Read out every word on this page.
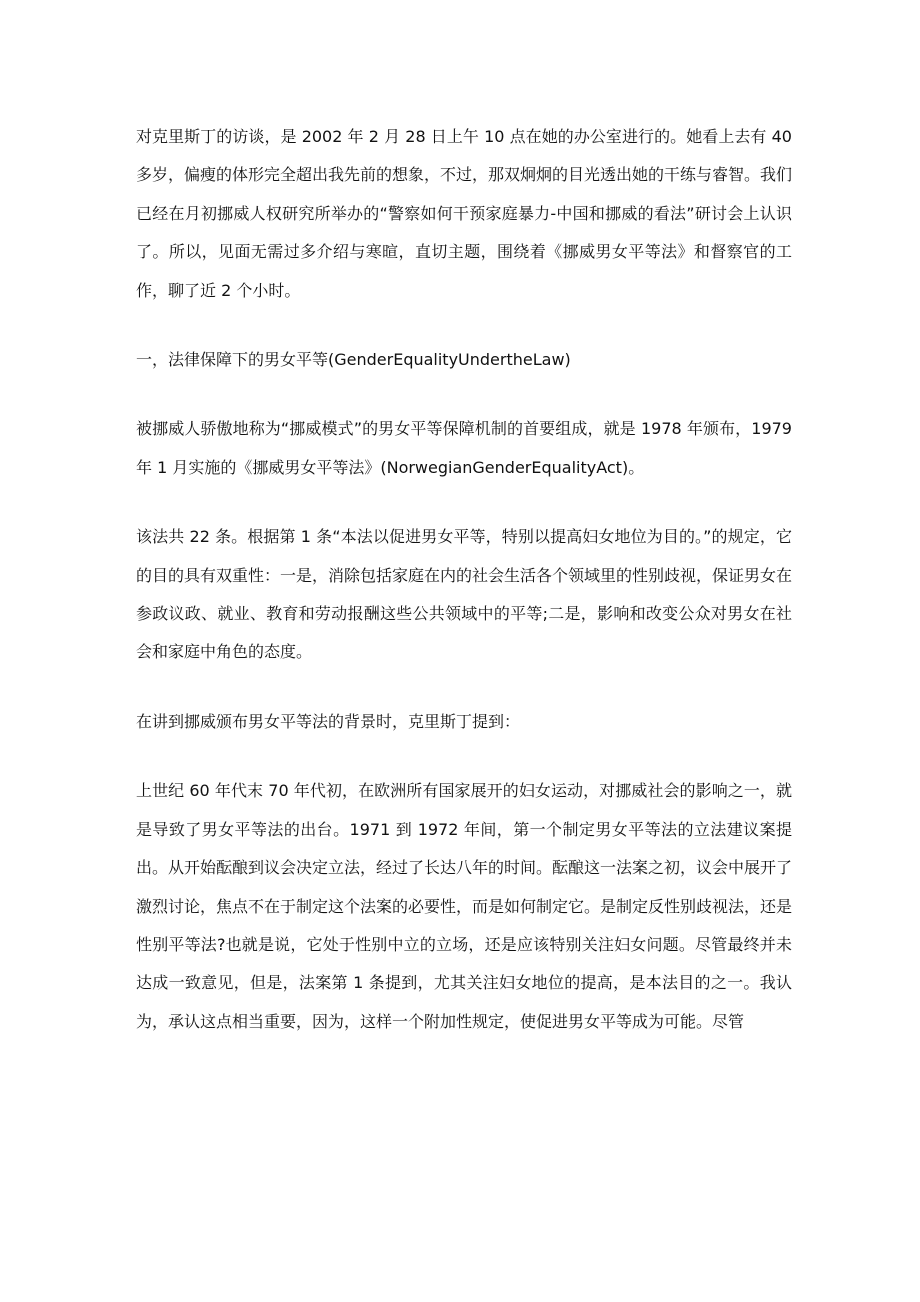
对克里斯丁的访谈，是 2002 年 2 月 28 日上午 10 点在她的办公室进行的。她看上去有 40 多岁，偏瘦的体形完全超出我先前的想象，不过，那双炯炯的目光透出她的干练与睿智。我们已经在月初挪威人权研究所举办的“警察如何干预家庭暴力-中国和挪威的看法”研讨会上认识了。所以，见面无需过多介绍与寒暄，直切主题，围绕着《挪威男女平等法》和督察官的工作，聊了近 2 个小时。

一，法律保障下的男女平等(GenderEqualityUndertheLaw)

被挪威人骄傲地称为“挪威模式”的男女平等保障机制的首要组成，就是 1978 年颁布，1979 年 1 月实施的《挪威男女平等法》(NorwegianGenderEqualityAct)。

该法共 22 条。根据第 1 条“本法以促进男女平等，特别以提高妇女地位为目的。”的规定，它的目的具有双重性：一是，消除包括家庭在内的社会生活各个领域里的性别歧视，保证男女在参政议政、就业、教育和劳动报酬这些公共领域中的平等;二是，影响和改变公众对男女在社会和家庭中角色的态度。

在讲到挪威颁布男女平等法的背景时，克里斯丁提到：

上世纪 60 年代末 70 年代初，在欧洲所有国家展开的妇女运动，对挪威社会的影响之一，就是导致了男女平等法的出台。1971 到 1972 年间，第一个制定男女平等法的立法建议案提出。从开始酝酿到议会决定立法，经过了长达八年的时间。酝酿这一法案之初，议会中展开了激烈讨论，焦点不在于制定这个法案的必要性，而是如何制定它。是制定反性别歧视法，还是性别平等法?也就是说，它处于性别中立的立场，还是应该特别关注妇女问题。尽管最终并未达成一致意见，但是，法案第 1 条提到，尤其关注妇女地位的提高，是本法目的之一。我认为，承认这点相当重要，因为，这样一个附加性规定，使促进男女平等成为可能。尽管
